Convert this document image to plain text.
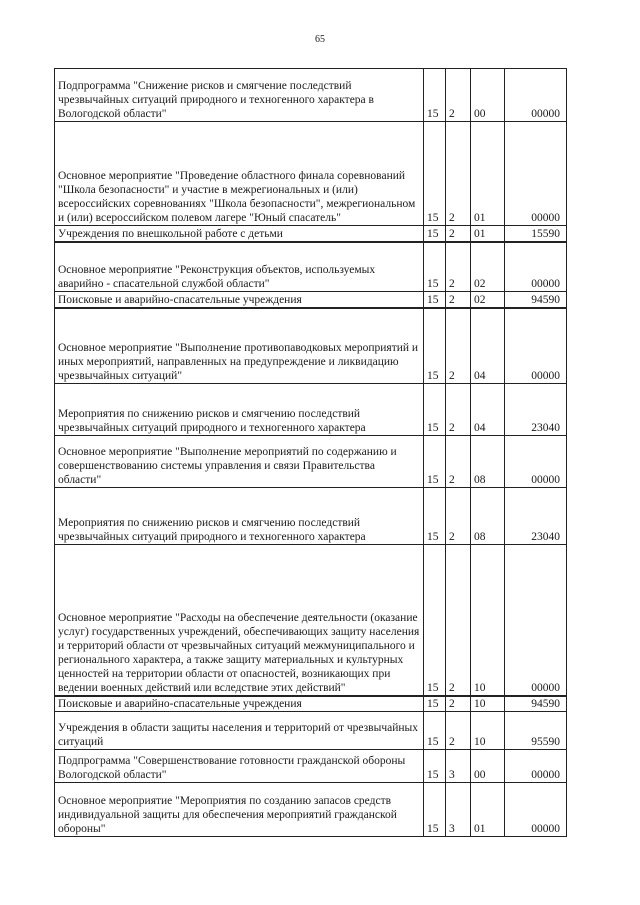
65
Подпрограмма "Снижение рисков и смягчение последствий чрезвычайных ситуаций природного и техногенного характера в Вологодской области"	15	2	00	00000
Основное мероприятие "Проведение областного финала соревнований "Школа безопасности" и участие в межрегиональных и (или) всероссийских соревнованиях "Школа безопасности", межрегиональном и (или) всероссийском полевом лагере "Юный спасатель"	15	2	01	00000
Учреждения по внешкольной работе с детьми	15	2	01	15590
Основное мероприятие "Реконструкция объектов, используемых аварийно - спасательной службой области"	15	2	02	00000
Поисковые и аварийно-спасательные учреждения	15	2	02	94590
Основное мероприятие "Выполнение противопаводковых мероприятий и иных мероприятий, направленных на предупреждение и ликвидацию чрезвычайных ситуаций"	15	2	04	00000
Мероприятия по снижению рисков и смягчению последствий чрезвычайных ситуаций природного и техногенного характера	15	2	04	23040
Основное мероприятие "Выполнение мероприятий по содержанию и совершенствованию системы управления и связи Правительства области"	15	2	08	00000
Мероприятия по снижению рисков и смягчению последствий чрезвычайных ситуаций природного и техногенного характера	15	2	08	23040
Основное мероприятие "Расходы на обеспечение деятельности (оказание услуг) государственных учреждений, обеспечивающих защиту населения и территорий области от чрезвычайных ситуаций межмуниципального и регионального характера, а также защиту материальных и культурных ценностей на территории области от опасностей, возникающих при ведении военных действий или вследствие этих действий"	15	2	10	00000
Поисковые и аварийно-спасательные учреждения	15	2	10	94590
Учреждения в области защиты населения и территорий от чрезвычайных ситуаций	15	2	10	95590
Подпрограмма "Совершенствование готовности гражданской обороны Вологодской области"	15	3	00	00000
Основное мероприятие "Мероприятия по созданию запасов средств индивидуальной защиты для обеспечения мероприятий гражданской обороны"	15	3	01	00000
